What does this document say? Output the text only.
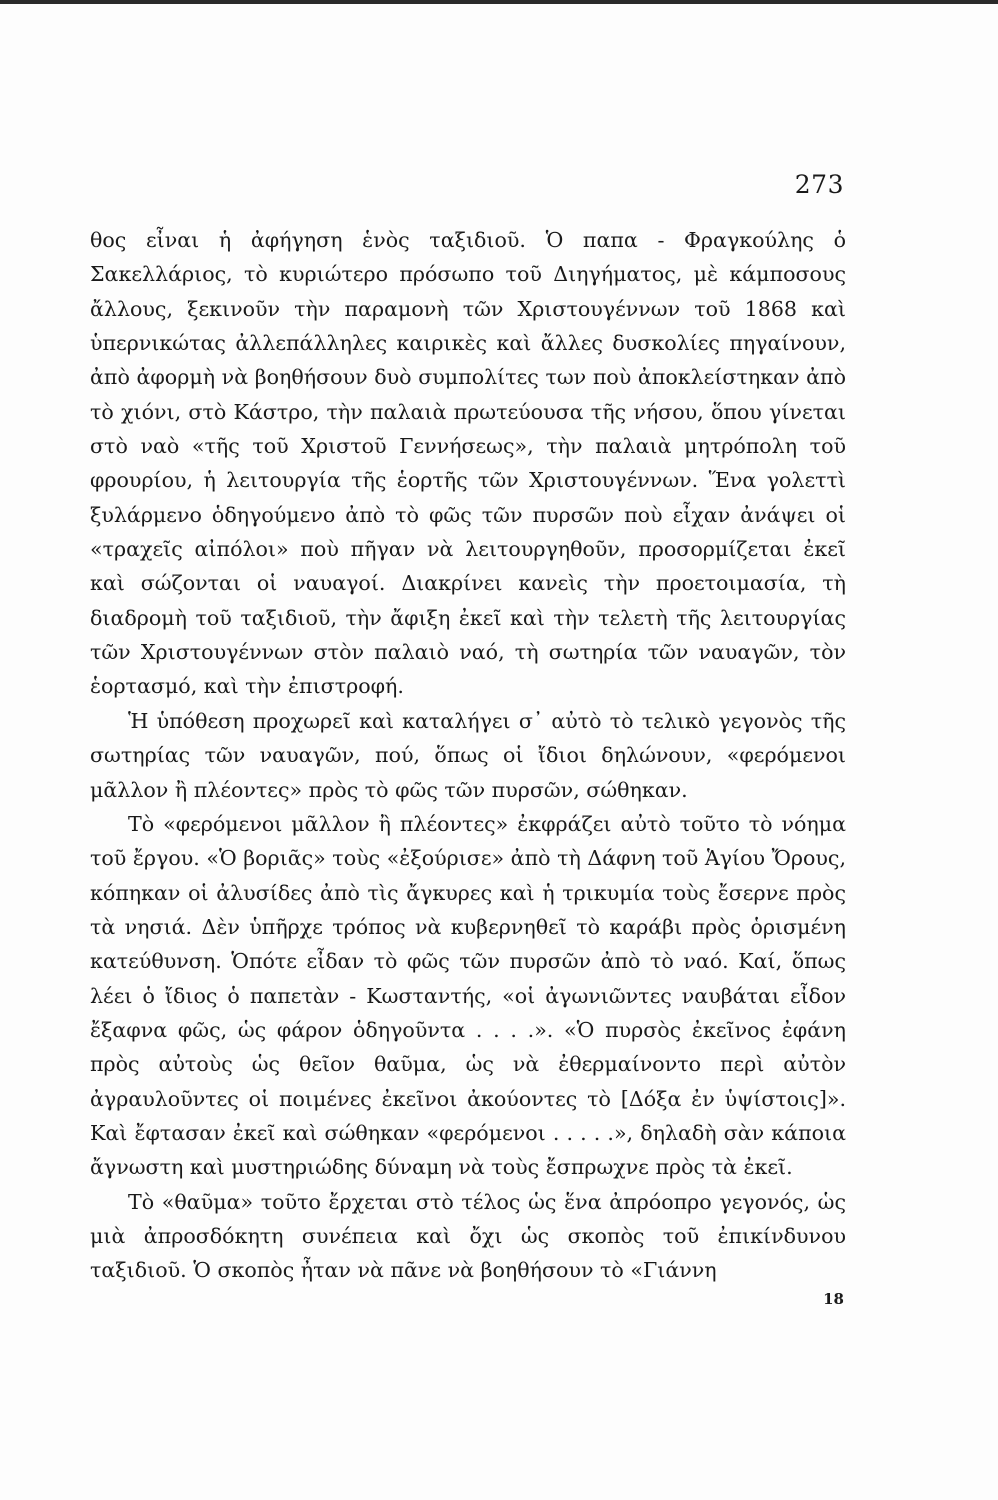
273

θος εἶναι ἡ ἀφήγηση ἑνὸς ταξιδιοῦ. Ὁ παπα - Φραγκούλης ὁ Σακελλάριος, τὸ κυριώτερο πρόσωπο τοῦ Διηγήματος, μὲ κάμποσους ἄλλους, ξεκινοῦν τὴν παραμονὴ τῶν Χριστουγέννων τοῦ 1868 καὶ ὑπερνικώτας ἀλλεπάλληλες καιρικὲς καὶ ἄλλες δυσκολίες πηγαίνουν, ἀπὸ ἀφορμὴ νὰ βοηθήσουν δυὸ συμπολίτες των ποὺ ἀποκλείστηκαν ἀπὸ τὸ χιόνι, στὸ Κάστρο, τὴν παλαιὰ πρωτεύουσα τῆς νήσου, ὅπου γίνεται στὸ ναὸ «τῆς τοῦ Χριστοῦ Γεννήσεως», τὴν παλαιὰ μητρόπολη τοῦ φρουρίου, ἡ λειτουργία τῆς ἑορτῆς τῶν Χριστουγέννων. Ἕνα γολεττὶ ξυλάρμενο ὁδηγούμενο ἀπὸ τὸ φῶς τῶν πυρσῶν ποὺ εἶχαν ἀνάψει οἱ «τραχεῖς αἰπόλοι» ποὺ πῆγαν νὰ λειτουργηθοῦν, προσορμίζεται ἐκεῖ καὶ σώζονται οἱ ναυαγοί. Διακρίνει κανεὶς τὴν προετοιμασία, τὴ διαδρομὴ τοῦ ταξιδιοῦ, τὴν ἄφιξη ἐκεῖ καὶ τὴν τελετὴ τῆς λειτουργίας τῶν Χριστουγέννων στὸν παλαιὸ ναό, τὴ σωτηρία τῶν ναυαγῶν, τὸν ἑορτασμό, καὶ τὴν ἐπιστροφή.

Ἡ ὑπόθεση προχωρεῖ καὶ καταλήγει σ᾽ αὐτὸ τὸ τελικὸ γεγονὸς τῆς σωτηρίας τῶν ναυαγῶν, πού, ὅπως οἱ ἴδιοι δηλώνουν, «φερόμενοι μᾶλλον ἢ πλέοντες» πρὸς τὸ φῶς τῶν πυρσῶν, σώθηκαν.

Τὸ «φερόμενοι μᾶλλον ἢ πλέοντες» ἐκφράζει αὐτὸ τοῦτο τὸ νόημα τοῦ ἔργου. «Ὁ βοριᾶς» τοὺς «ἐξούρισε» ἀπὸ τὴ Δάφνη τοῦ Ἁγίου Ὄρους, κόπηκαν οἱ ἀλυσίδες ἀπὸ τὶς ἄγκυρες καὶ ἡ τρικυμία τοὺς ἔσερνε πρὸς τὰ νησιά. Δὲν ὑπῆρχε τρόπος νὰ κυβερνηθεῖ τὸ καράβι πρὸς ὁρισμένη κατεύθυνση. Ὁπότε εἶδαν τὸ φῶς τῶν πυρσῶν ἀπὸ τὸ ναό. Καί, ὅπως λέει ὁ ἴδιος ὁ παπετὰν - Κωσταντής, «οἱ ἀγωνιῶντες ναυβάται εἶδον ἔξαφνα φῶς, ὡς φάρον ὁδηγοῦντα . . . .». «Ὁ πυρσὸς ἐκεῖνος ἐφάνη πρὸς αὐτοὺς ὡς θεῖον θαῦμα, ὡς νὰ ἐθερμαίνοντο περὶ αὐτὸν ἀγραυλοῦντες οἱ ποιμένες ἐκεῖνοι ἀκούοντες τὸ [Δόξα ἐν ὑψίστοις]». Καὶ ἔφτασαν ἐκεῖ καὶ σώθηκαν «φερόμενοι . . . . .», δηλαδὴ σὰν κάποια ἄγνωστη καὶ μυστηριώδης δύναμη νὰ τοὺς ἔσπρωχνε πρὸς τὰ ἐκεῖ.

Τὸ «θαῦμα» τοῦτο ἔρχεται στὸ τέλος ὡς ἕνα ἀπρόοπρο γεγονός, ὡς μιὰ ἀπροσδόκητη συνέπεια καὶ ὄχι ὡς σκοπὸς τοῦ ἐπικίνδυνου ταξιδιοῦ. Ὁ σκοπὸς ἦταν νὰ πᾶνε νὰ βοηθήσουν τὸ «Γιάννη

18
